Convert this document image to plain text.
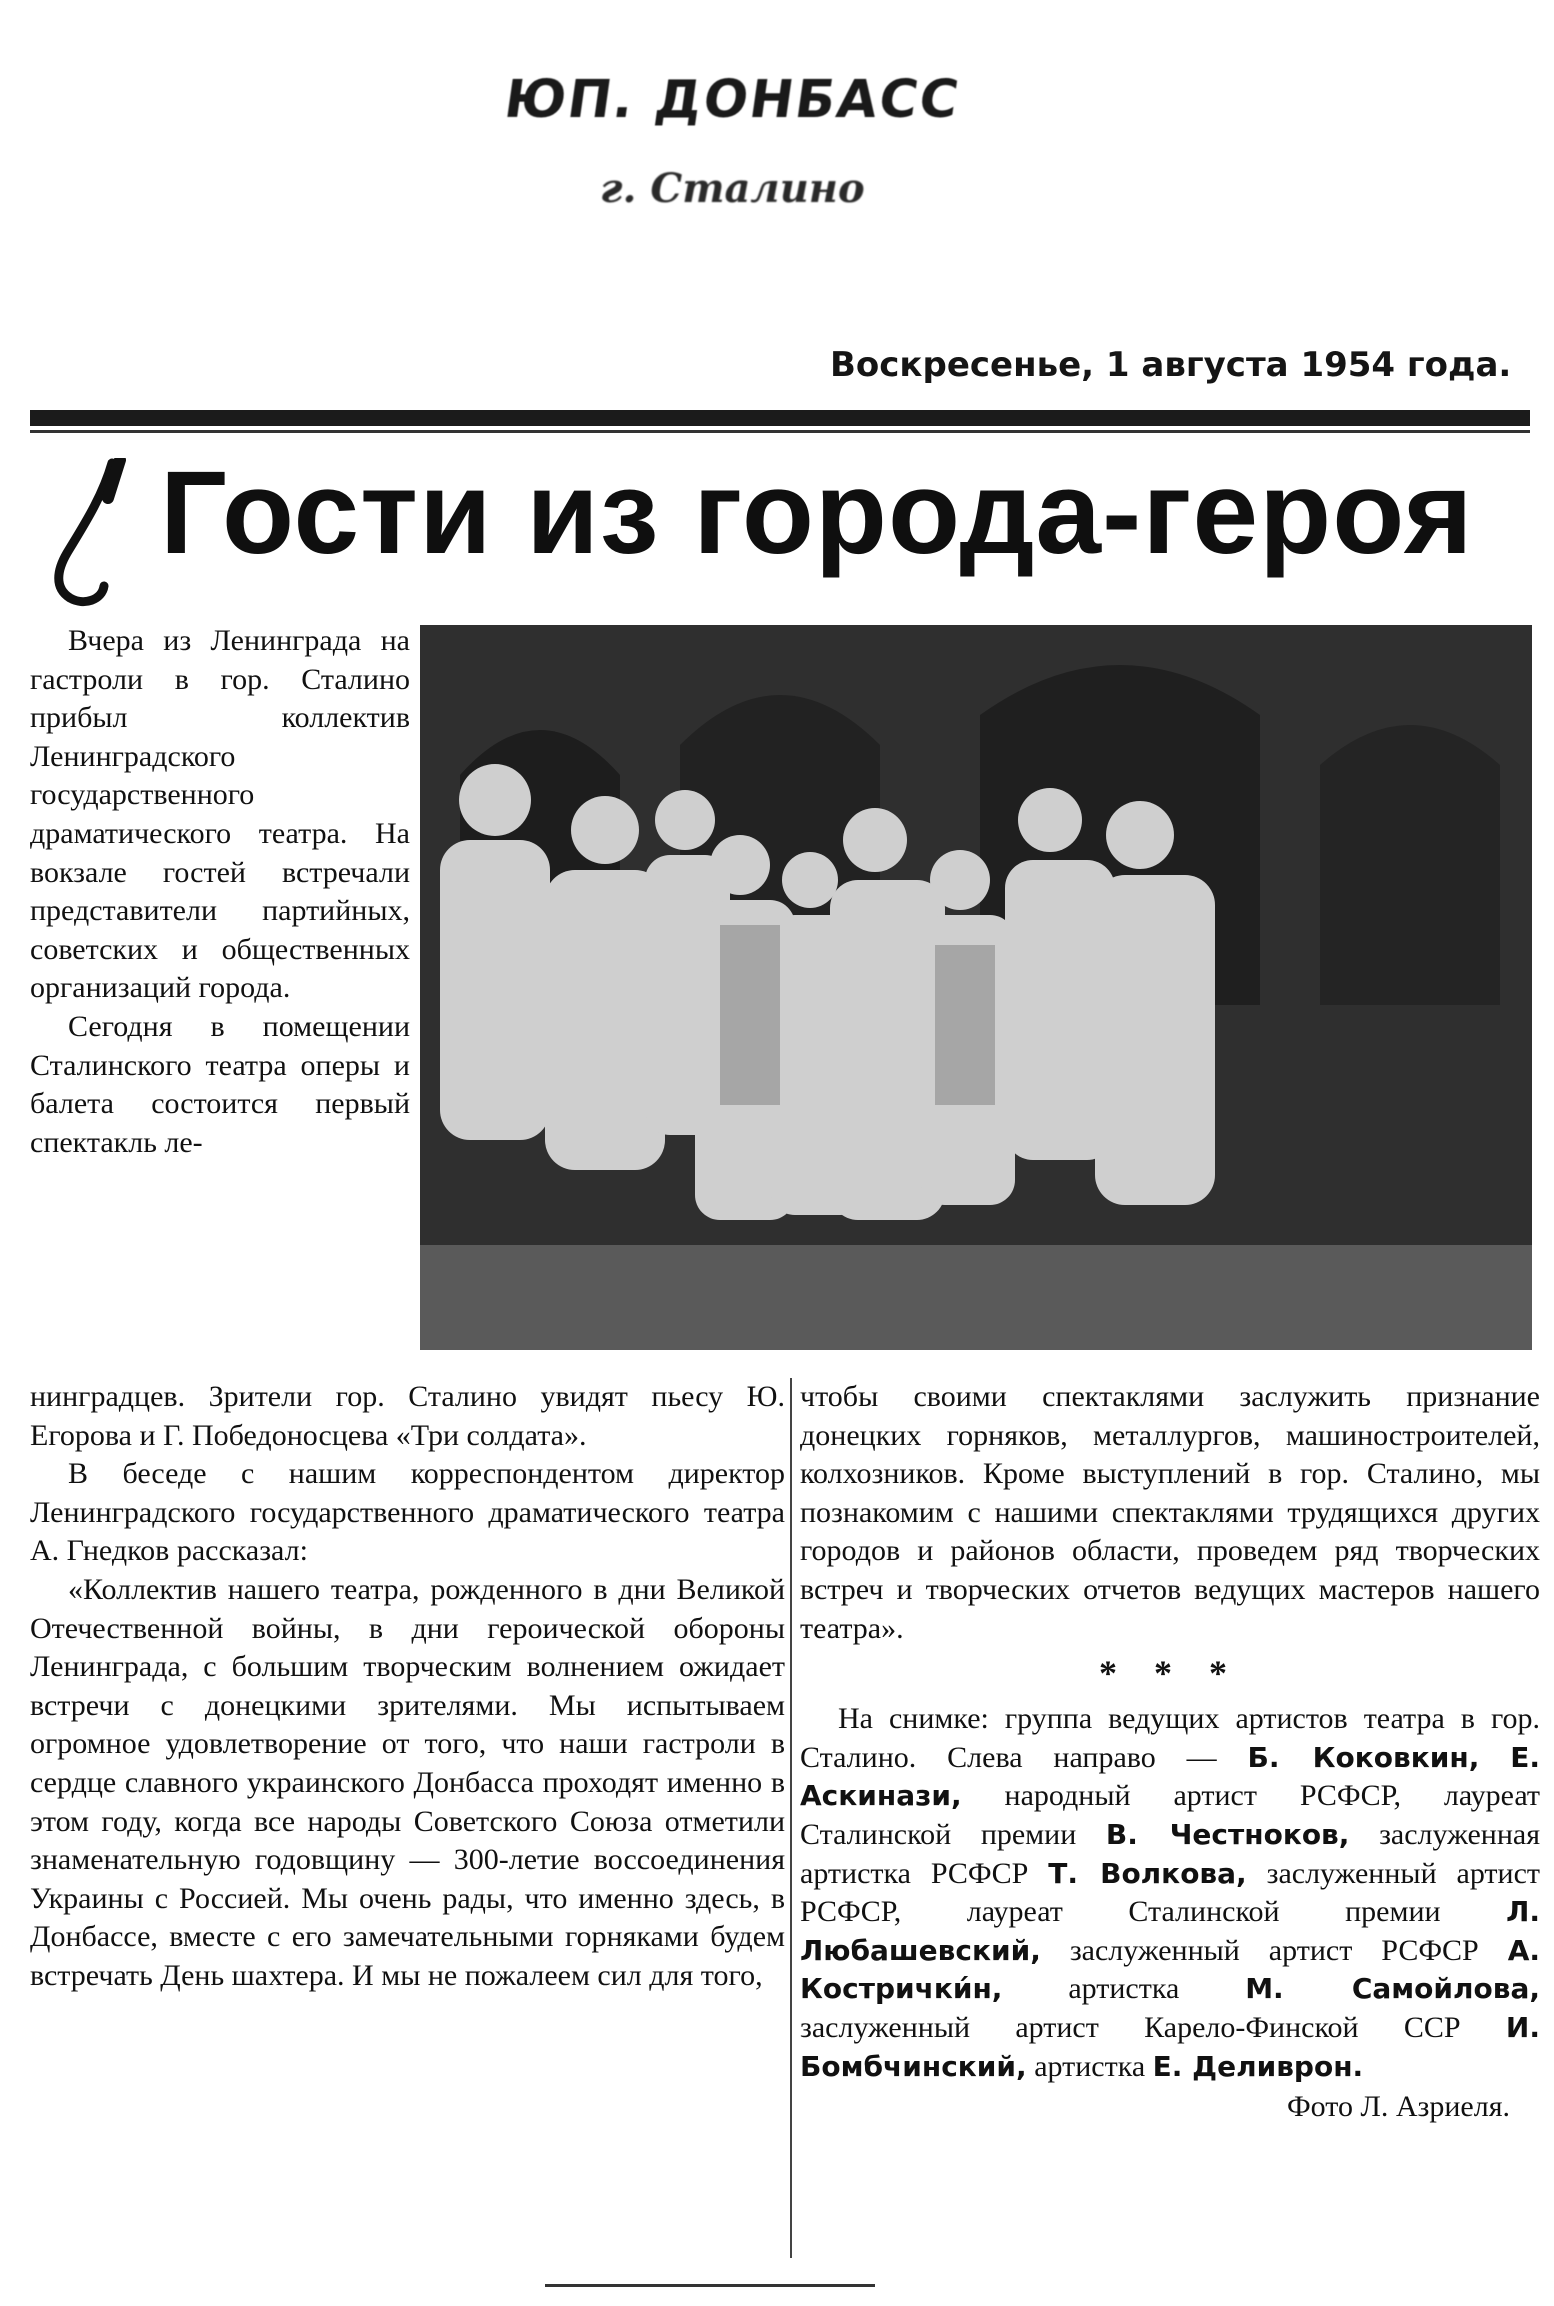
ЮП. ДОНБАСС
г. Сталино
Воскресенье, 1 августа 1954 года.
Гости из города-героя

Вчера из Ленинграда на гастроли в гор. Сталино прибыл коллектив Ленинградского государственного драматического театра. На вокзале гостей встречали представители партийных, советских и общественных организаций города.

Сегодня в помещении Сталинского театра оперы и балета состоится первый спектакль ле-

нинградцев. Зрители гор. Сталино увидят пьесу Ю. Егорова и Г. Победоносцева «Три солдата».

В беседе с нашим корреспондентом директор Ленинградского государственного драматического театра А. Гнедков рассказал:

«Коллектив нашего театра, рожденного в дни Великой Отечественной войны, в дни героической обороны Ленинграда, с большим творческим волнением ожидает встречи с донецкими зрителями. Мы испытываем огромное удовлетворение от того, что наши гастроли в сердце славного украинского Донбасса проходят именно в этом году, когда все народы Советского Союза отметили знаменательную годовщину — 300-летие воссоединения Украины с Россией. Мы очень рады, что именно здесь, в Донбассе, вместе с его замечательными горняками будем встречать День шахтера. И мы не пожалеем сил для того,

чтобы своими спектаклями заслужить признание донецких горняков, металлургов, машиностроителей, колхозников. Кроме выступлений в гор. Сталино, мы познакомим с нашими спектаклями трудящихся других городов и районов области, проведем ряд творческих встреч и творческих отчетов ведущих мастеров нашего театра».

* * *

На снимке: группа ведущих артистов театра в гор. Сталино. Слева направо — Б. Коковкин, Е. Аскинази, народный артист РСФСР, лауреат Сталинской премии В. Честноков, заслуженная артистка РСФСР Т. Волкова, заслуженный артист РСФСР, лауреат Сталинской премии Л. Любашевский, заслуженный артист РСФСР А. Кострички́н, артистка М. Самойлова, заслуженный артист Карело-Финской ССР И. Бомбчинский, артистка Е. Деливрон.

Фото Л. Азриеля.
